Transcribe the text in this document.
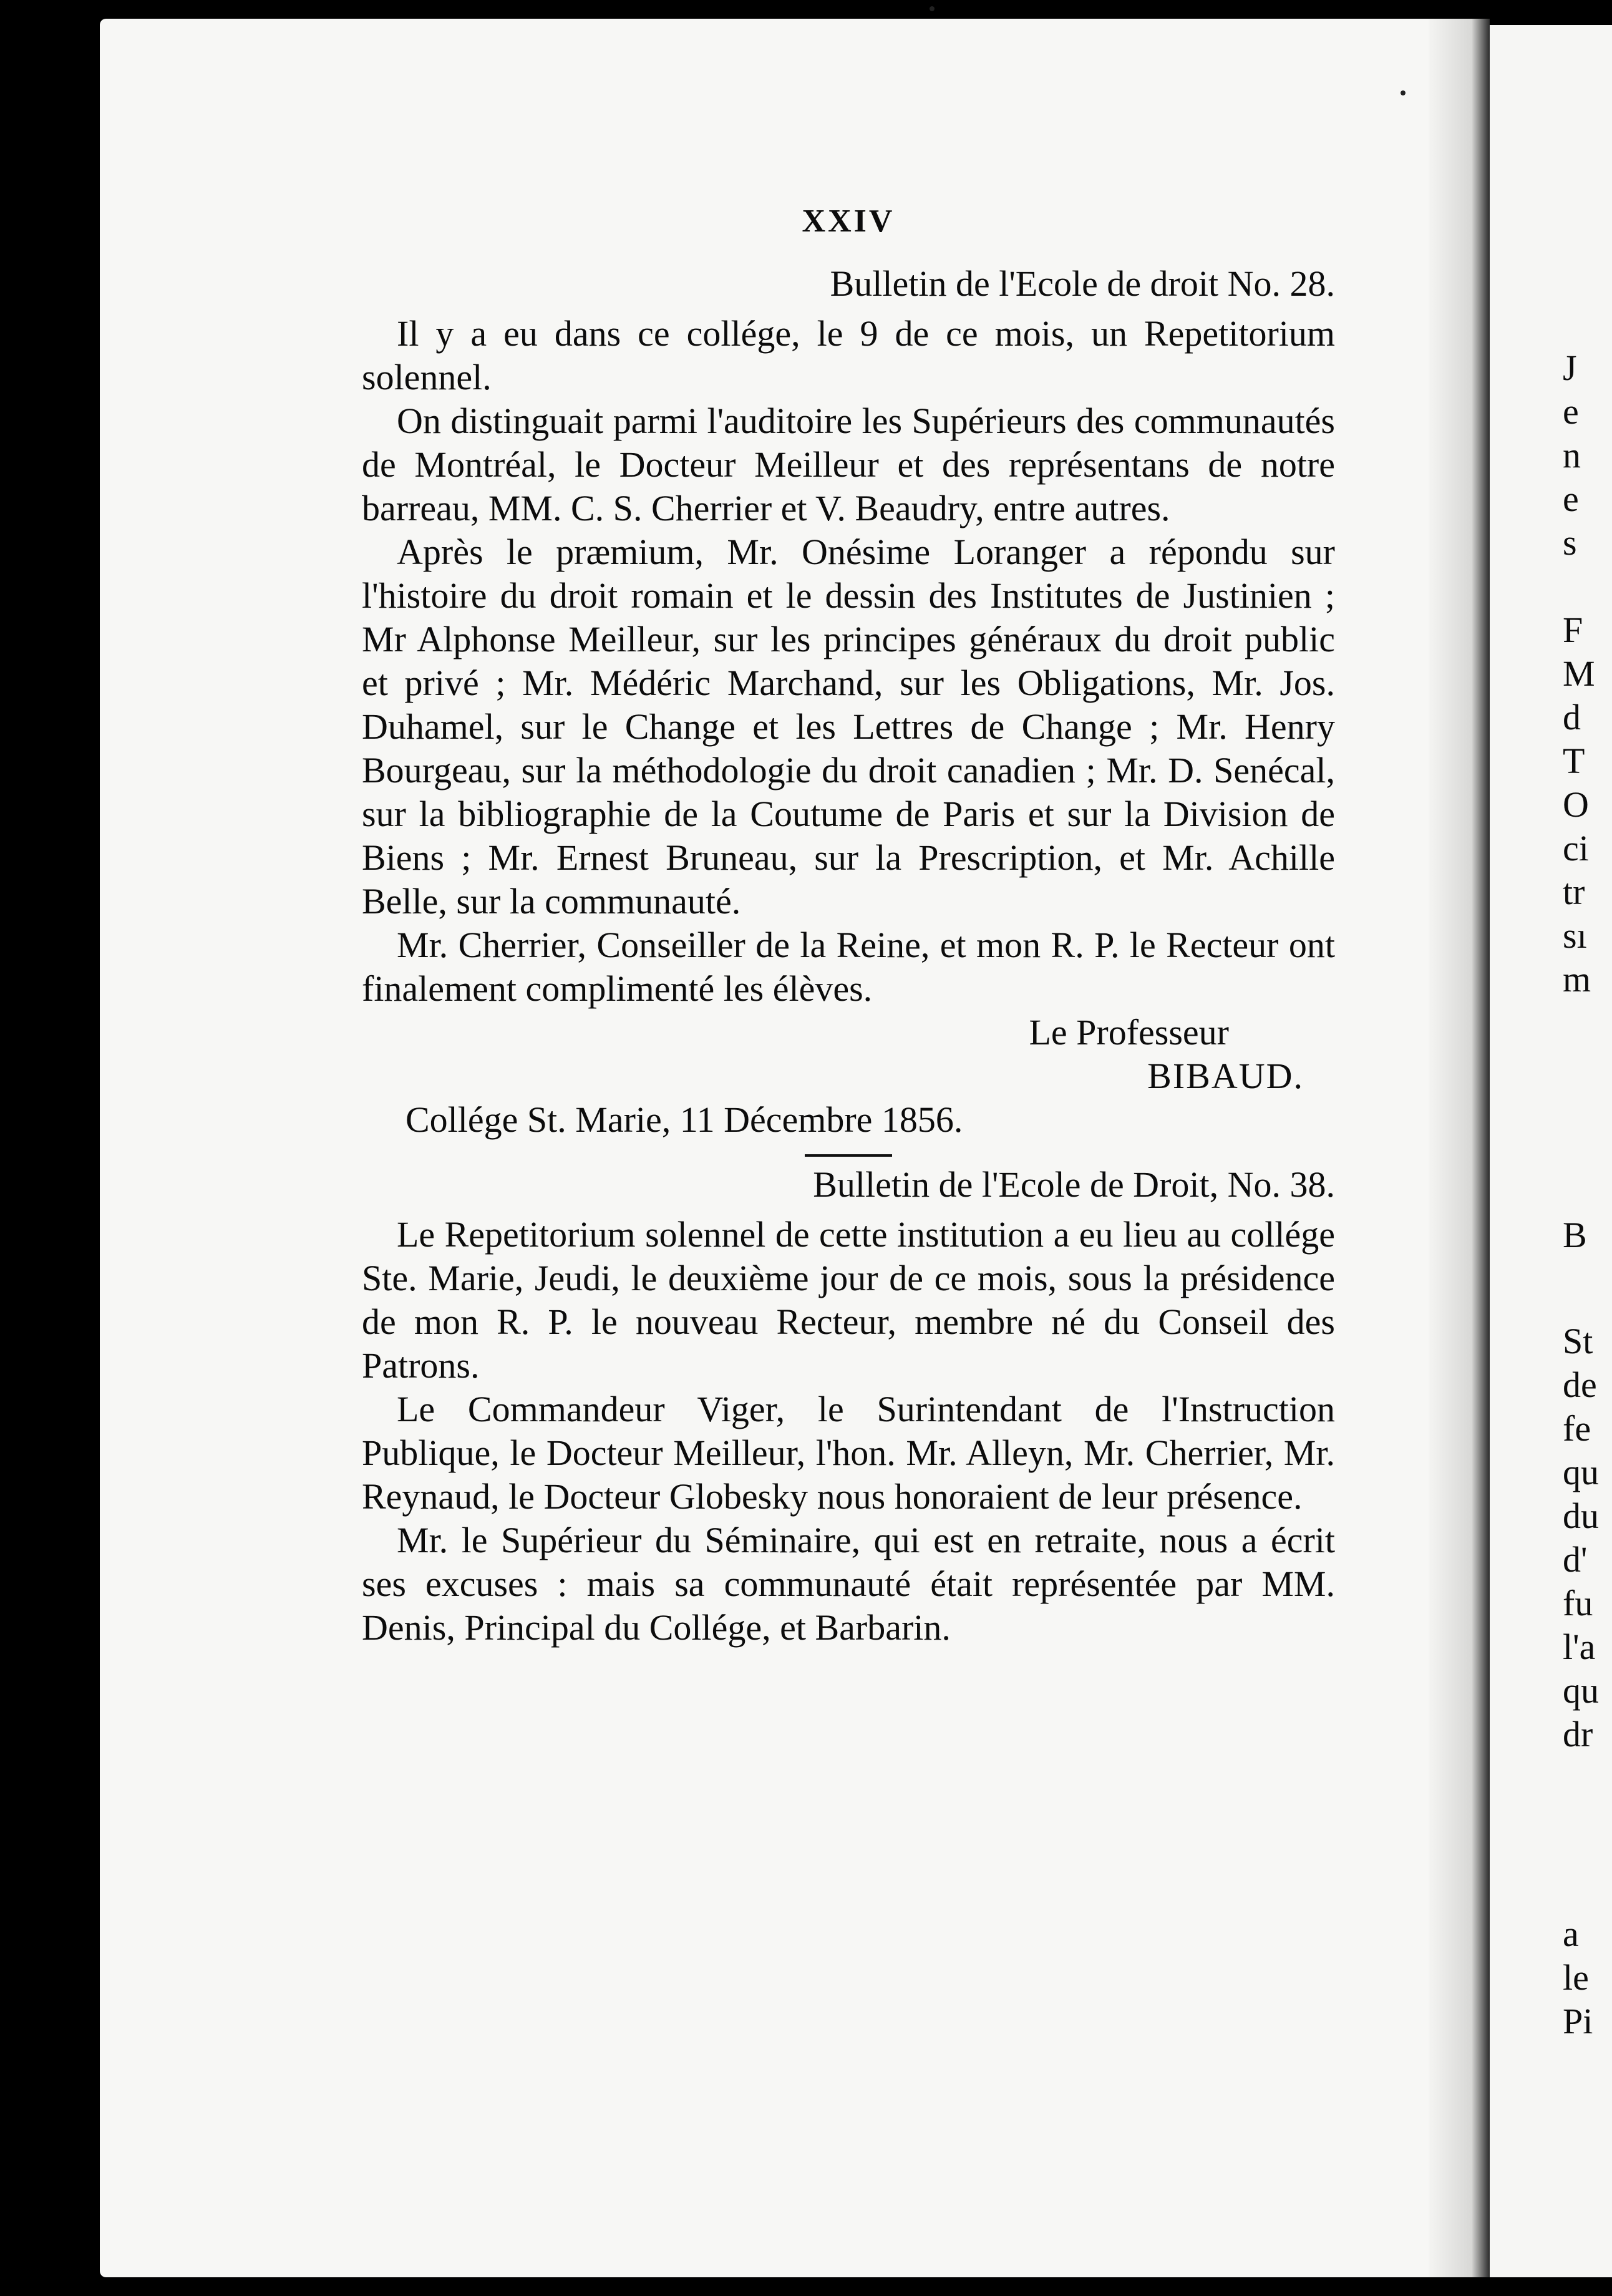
XXIV

Bulletin de l'Ecole de droit No. 28.

Il y a eu dans ce collége, le 9 de ce mois, un Repetitorium solennel.

On distinguait parmi l'auditoire les Supérieurs des communautés de Montréal, le Docteur Meilleur et des représentans de notre barreau, MM. C. S. Cherrier et V. Beaudry, entre autres.

Après le præmium, Mr. Onésime Loranger a répondu sur l'histoire du droit romain et le dessin des Institutes de Justinien ; Mr Alphonse Meilleur, sur les principes généraux du droit public et privé ; Mr. Médéric Marchand, sur les Obligations, Mr. Jos. Duhamel, sur le Change et les Lettres de Change ; Mr. Henry Bourgeau, sur la méthodologie du droit canadien ; Mr. D. Senécal, sur la bibliographie de la Coutume de Paris et sur la Division de Biens ; Mr. Ernest Bruneau, sur la Prescription, et Mr. Achille Belle, sur la communauté.

Mr. Cherrier, Conseiller de la Reine, et mon R. P. le Recteur ont finalement complimenté les élèves.

Le Professeur

BIBAUD.

Collége St. Marie, 11 Décembre 1856.

Bulletin de l'Ecole de Droit, No. 38.

Le Repetitorium solennel de cette institution a eu lieu au collége Ste. Marie, Jeudi, le deuxième jour de ce mois, sous la présidence de mon R. P. le nouveau Recteur, membre né du Conseil des Patrons.

Le Commandeur Viger, le Surintendant de l'Instruction Publique, le Docteur Meilleur, l'hon. Mr. Alleyn, Mr. Cherrier, Mr. Reynaud, le Docteur Globesky nous honoraient de leur présence.

Mr. le Supérieur du Séminaire, qui est en retraite, nous a écrit ses excuses : mais sa communauté était représentée par MM. Denis, Principal du Collége, et Barbarin.

J
e
n
e
s
F
M
d
T
O
ci
tr
sı
m
B
St
de
fe
qu
du
d'
fu
l'a
qu
dr
a
le
Pi
